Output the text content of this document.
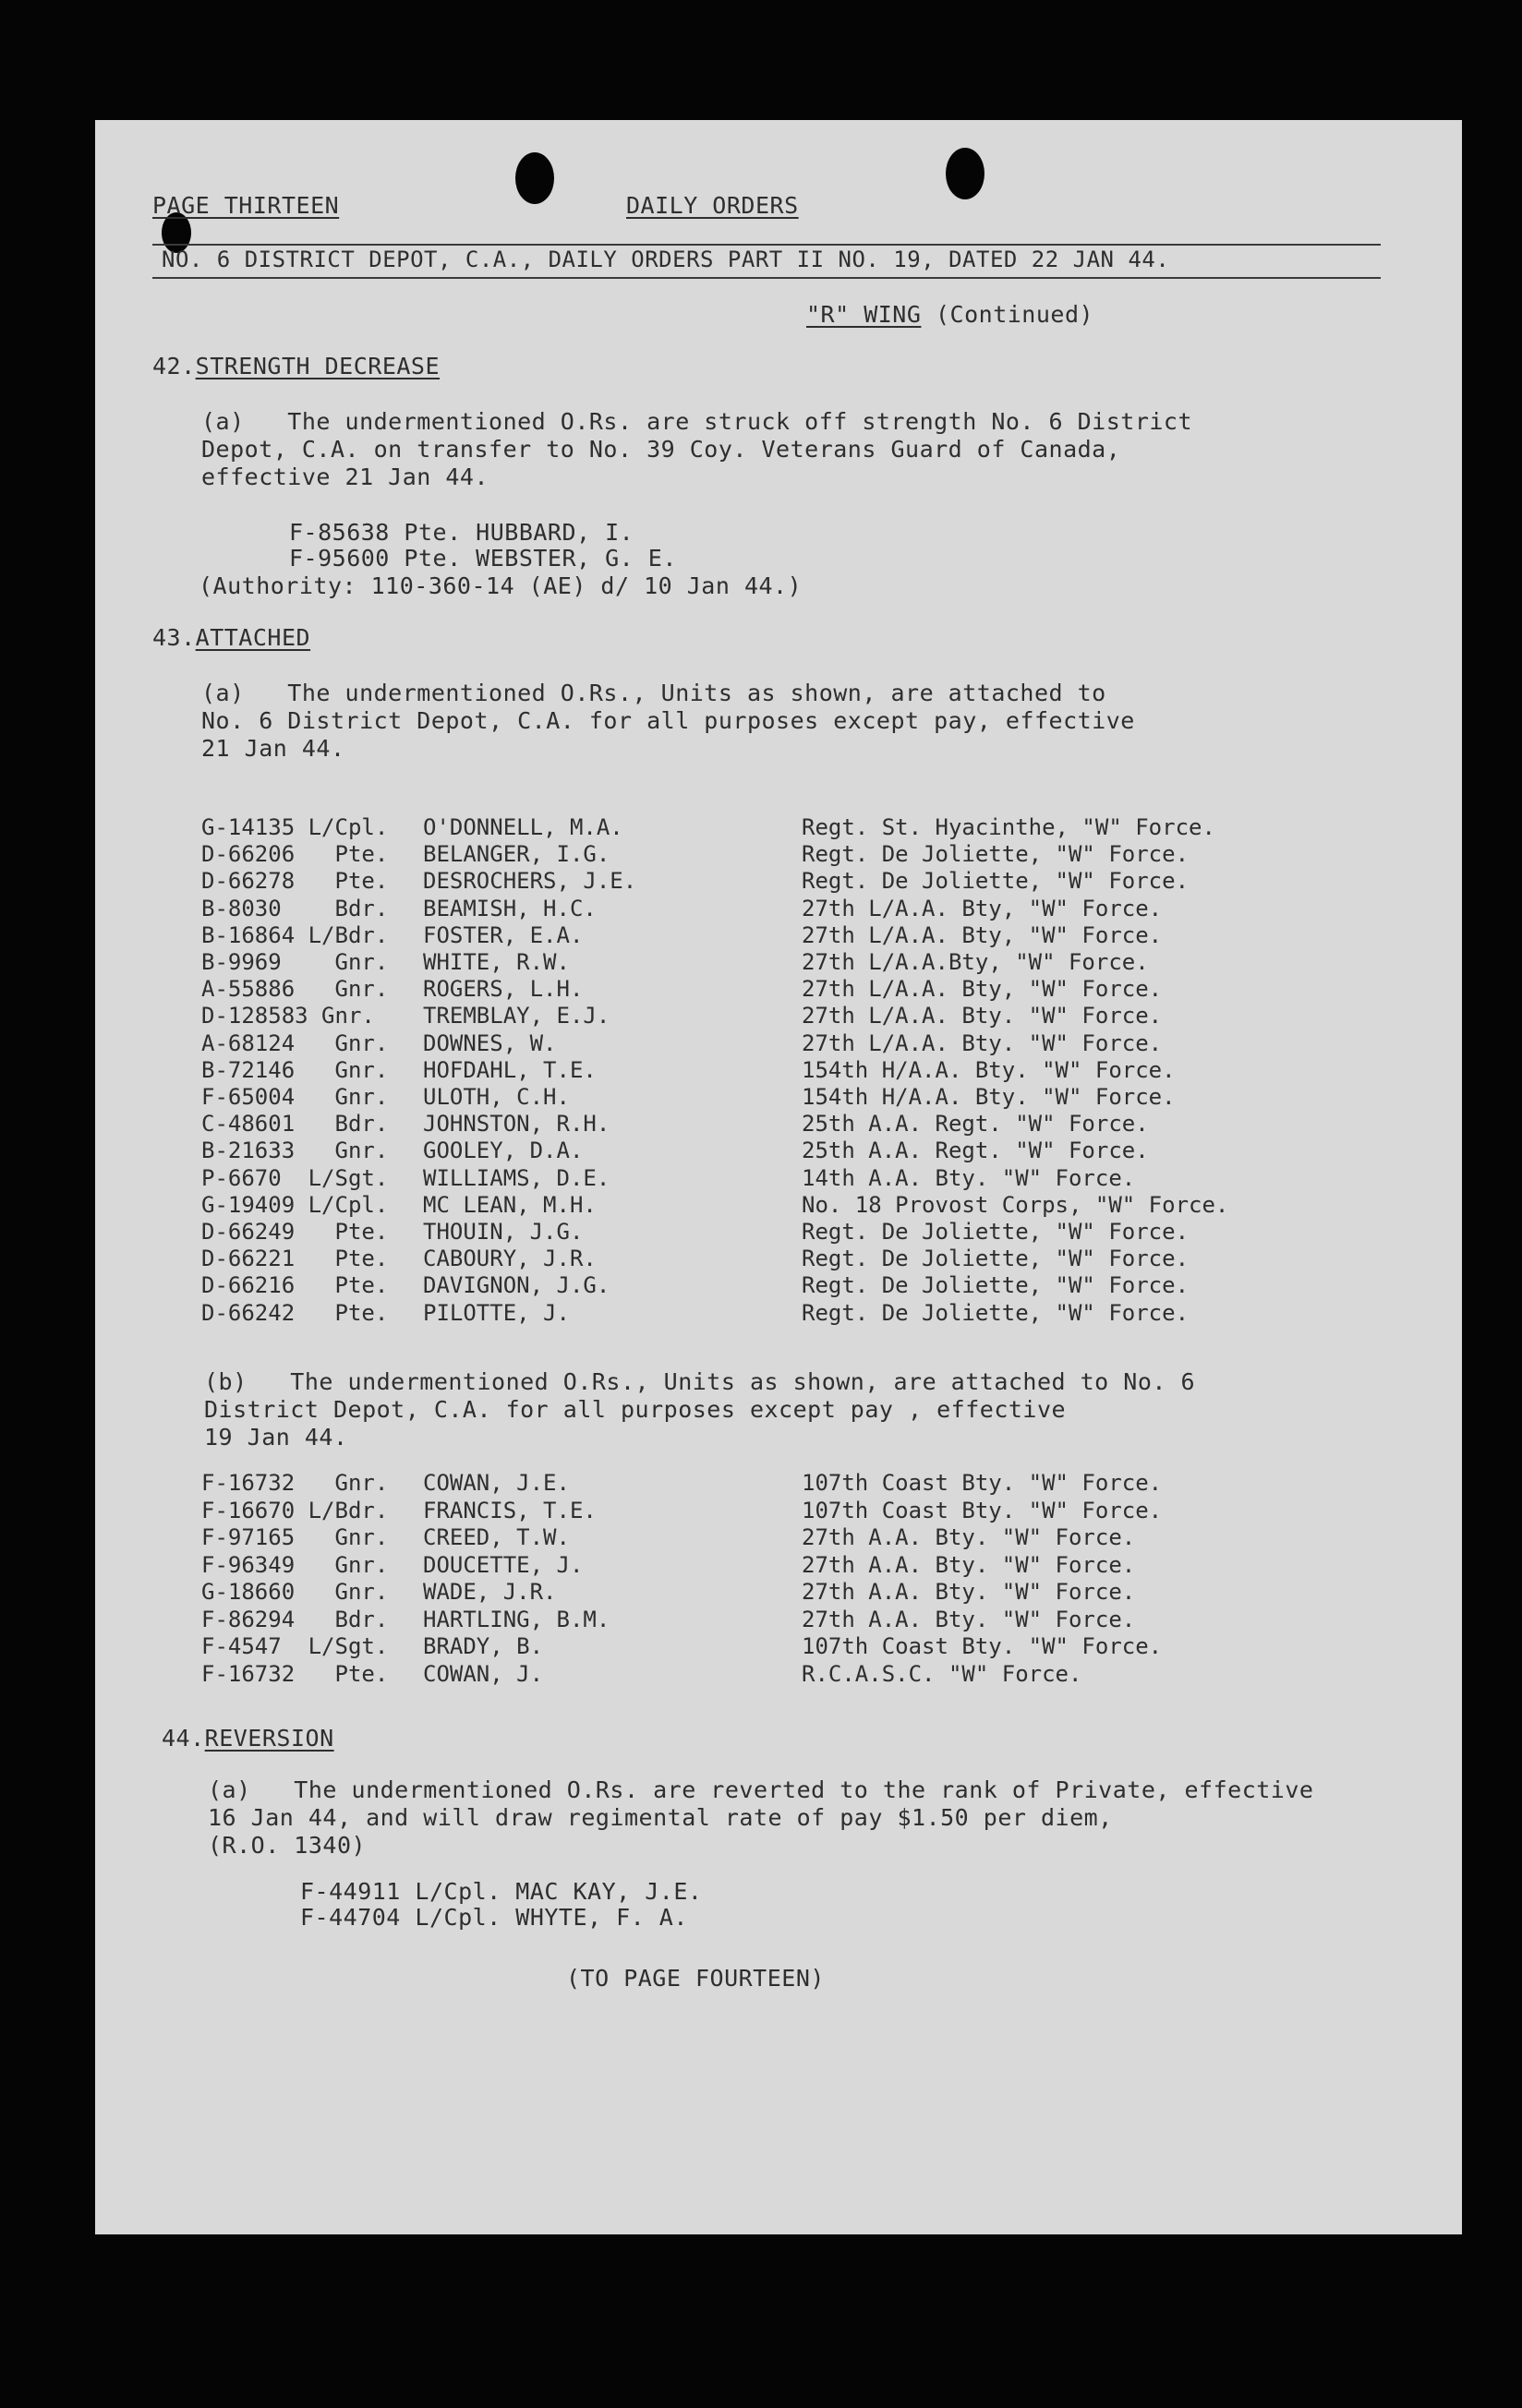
PAGE THIRTEEN	DAILY ORDERS
NO. 6 DISTRICT DEPOT, C.A., DAILY ORDERS PART II NO. 19, DATED 22 JAN 44.
"R" WING (Continued)
42.STRENGTH DECREASE
(a)   The undermentioned O.Rs. are struck off strength No. 6 District
Depot, C.A. on transfer to No. 39 Coy. Veterans Guard of Canada,
effective 21 Jan 44.
F-85638 Pte. HUBBARD, I.
F-95600 Pte. WEBSTER, G. E.
(Authority: 110-360-14 (AE) d/ 10 Jan 44.)
43.ATTACHED
(a)   The undermentioned O.Rs., Units as shown, are attached to
No. 6 District Depot, C.A. for all purposes except pay, effective
21 Jan 44.
G-14135 L/Cpl. O'DONNELL, M.A.	Regt. St. Hyacinthe, "W" Force.
D-66206   Pte. BELANGER, I.G.	Regt. De Joliette, "W" Force.
D-66278   Pte. DESROCHERS, J.E.	Regt. De Joliette, "W" Force.
B-8030    Bdr. BEAMISH, H.C.	27th L/A.A. Bty, "W" Force.
B-16864 L/Bdr. FOSTER, E.A.	27th L/A.A. Bty, "W" Force.
B-9969    Gnr. WHITE, R.W.	27th L/A.A.Bty, "W" Force.
A-55886   Gnr. ROGERS, L.H.	27th L/A.A. Bty, "W" Force.
D-128583 Gnr. TREMBLAY, E.J.	27th L/A.A. Bty. "W" Force.
A-68124   Gnr. DOWNES, W.	27th L/A.A. Bty. "W" Force.
B-72146   Gnr. HOFDAHL, T.E.	154th H/A.A. Bty. "W" Force.
F-65004   Gnr. ULOTH, C.H.	154th H/A.A. Bty. "W" Force.
C-48601   Bdr. JOHNSTON, R.H.	25th A.A. Regt. "W" Force.
B-21633   Gnr. GOOLEY, D.A.	25th A.A. Regt. "W" Force.
P-6670  L/Sgt. WILLIAMS, D.E.	14th A.A. Bty. "W" Force.
G-19409 L/Cpl. MC LEAN, M.H.	No. 18 Provost Corps, "W" Force.
D-66249   Pte. THOUIN, J.G.	Regt. De Joliette, "W" Force.
D-66221   Pte. CABOURY, J.R.	Regt. De Joliette, "W" Force.
D-66216   Pte. DAVIGNON, J.G.	Regt. De Joliette, "W" Force.
D-66242   Pte. PILOTTE, J.	Regt. De Joliette, "W" Force.
(b)   The undermentioned O.Rs., Units as shown, are attached to No. 6
District Depot, C.A. for all purposes except pay , effective
19 Jan 44.
F-16732   Gnr. COWAN, J.E.	107th Coast Bty. "W" Force.
F-16670 L/Bdr. FRANCIS, T.E.	107th Coast Bty. "W" Force.
F-97165   Gnr. CREED, T.W.	27th A.A. Bty. "W" Force.
F-96349   Gnr. DOUCETTE, J.	27th A.A. Bty. "W" Force.
G-18660   Gnr. WADE, J.R.	27th A.A. Bty. "W" Force.
F-86294   Bdr. HARTLING, B.M.	27th A.A. Bty. "W" Force.
F-4547  L/Sgt. BRADY, B.	107th Coast Bty. "W" Force.
F-16732   Pte. COWAN, J.	R.C.A.S.C. "W" Force.
44.REVERSION
(a)   The undermentioned O.Rs. are reverted to the rank of Private, effective
16 Jan 44, and will draw regimental rate of pay $1.50 per diem,
(R.O. 1340)
F-44911 L/Cpl. MAC KAY, J.E.
F-44704 L/Cpl. WHYTE, F. A.
(TO PAGE FOURTEEN)
